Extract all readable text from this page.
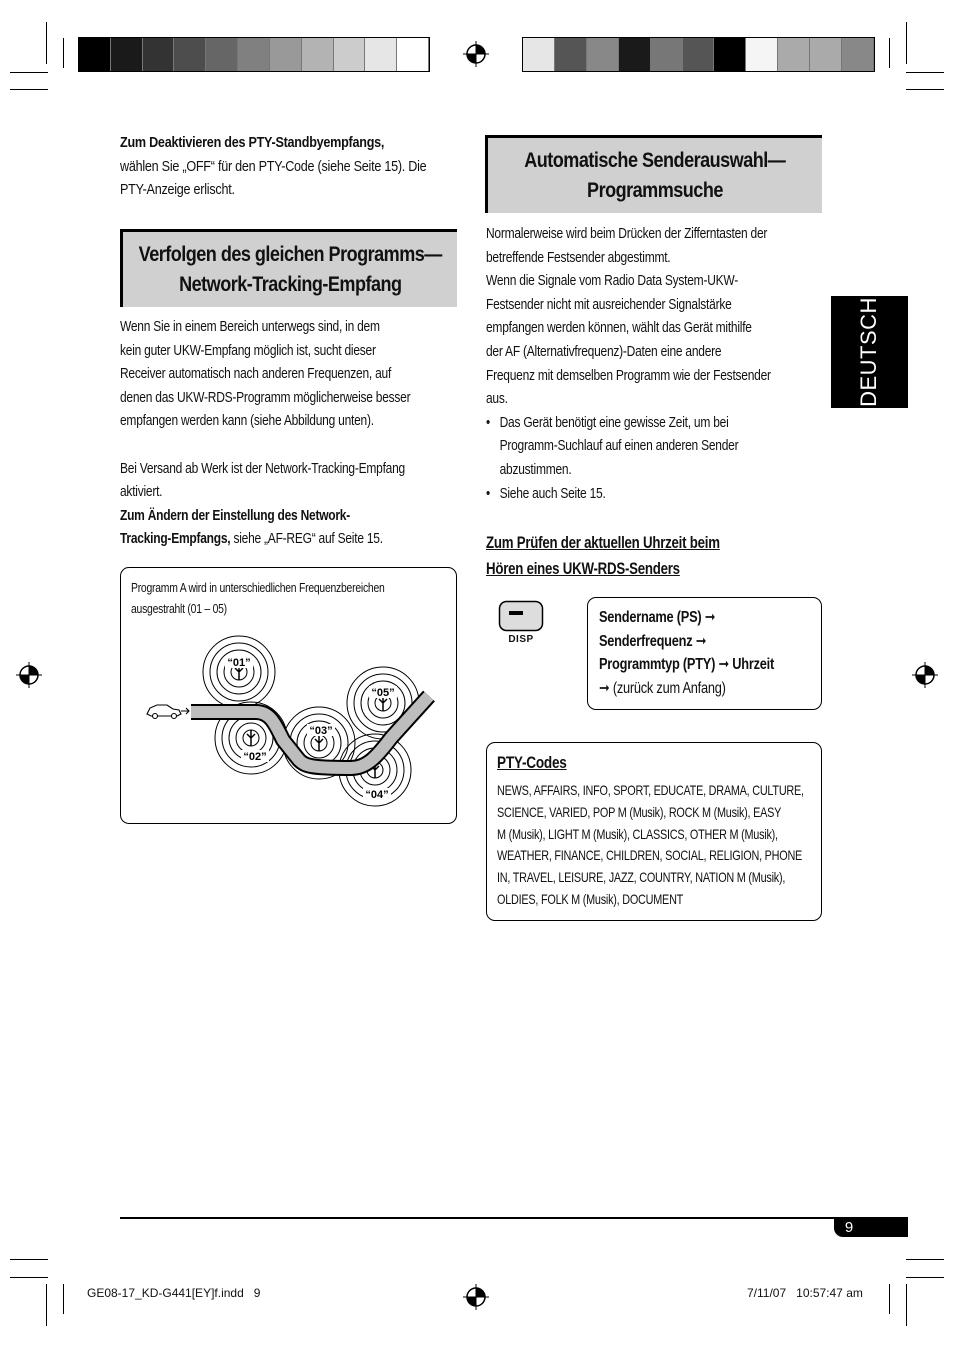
Zum Deaktivieren des PTY-Standbyempfangs,
wählen Sie „OFF“ für den PTY-Code (siehe Seite 15). Die
PTY-Anzeige erlischt.
Verfolgen des gleichen Programms—
Network-Tracking-Empfang
Wenn Sie in einem Bereich unterwegs sind, in dem
kein guter UKW-Empfang möglich ist, sucht dieser
Receiver automatisch nach anderen Frequenzen, auf
denen das UKW-RDS-Programm möglicherweise besser
empfangen werden kann (siehe Abbildung unten).
Bei Versand ab Werk ist der Network-Tracking-Empfang
aktiviert.
Zum Ändern der Einstellung des Network-
Tracking-Empfangs, siehe „AF-REG“ auf Seite 15.
Programm A wird in unterschiedlichen Frequenzbereichen
ausgestrahlt (01 – 05)
“01”
“02”
“03”
“04”
“05”
Automatische Senderauswahl—
Programmsuche
Normalerweise wird beim Drücken der Zifferntasten der
betreffende Festsender abgestimmt.
Wenn die Signale vom Radio Data System-UKW-
Festsender nicht mit ausreichender Signalstärke
empfangen werden können, wählt das Gerät mithilfe
der AF (Alternativfrequenz)-Daten eine andere
Frequenz mit demselben Programm wie der Festsender
aus.
• Das Gerät benötigt eine gewisse Zeit, um bei
Programm-Suchlauf auf einen anderen Sender
abzustimmen.
• Siehe auch Seite 15.
Zum Prüfen der aktuellen Uhrzeit beim
Hören eines UKW-RDS-Senders
DISP
Sendername (PS) ➞
Senderfrequenz ➞
Programmtyp (PTY) ➞ Uhrzeit
➞ (zurück zum Anfang)
PTY-Codes
NEWS, AFFAIRS, INFO, SPORT, EDUCATE, DRAMA, CULTURE,
SCIENCE, VARIED, POP M (Musik), ROCK M (Musik), EASY
M (Musik), LIGHT M (Musik), CLASSICS, OTHER M (Musik),
WEATHER, FINANCE, CHILDREN, SOCIAL, RELIGION, PHONE
IN, TRAVEL, LEISURE, JAZZ, COUNTRY, NATION M (Musik),
OLDIES, FOLK M (Musik), DOCUMENT
DEUTSCH
9
GE08-17_KD-G441[EY]f.indd   9	7/11/07   10:57:47 am
